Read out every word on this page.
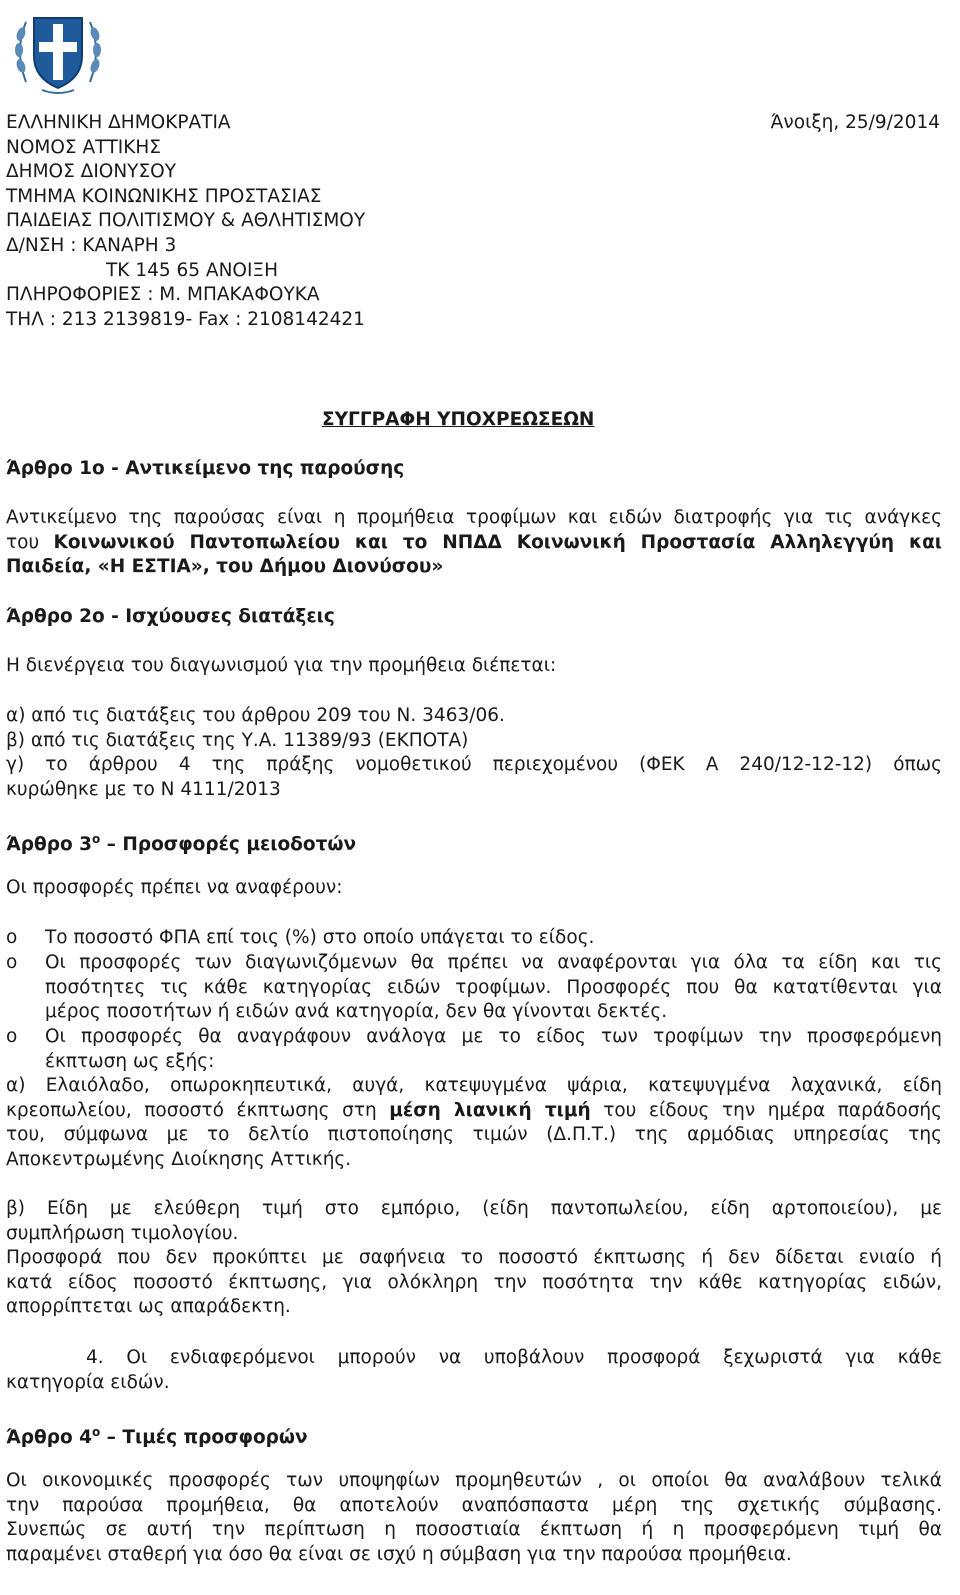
ΕΛΛΗΝΙΚΗ ΔΗΜΟΚΡΑΤΙΑ
ΝΟΜΟΣ ΑΤΤΙΚΗΣ
ΔΗΜΟΣ ΔΙΟΝΥΣΟΥ
ΤΜΗΜΑ ΚΟΙΝΩΝΙΚΗΣ ΠΡΟΣΤΑΣΙΑΣ
ΠΑΙΔΕΙΑΣ ΠΟΛΙΤΙΣΜΟΥ & ΑΘΛΗΤΙΣΜΟΥ
Δ/ΝΣΗ : ΚΑΝΑΡΗ 3
ΤΚ 145 65 ΑΝΟΙΞΗ
ΠΛΗΡΟΦΟΡΙΕΣ : Μ. ΜΠΑΚΑΦΟΥΚΑ
ΤΗΛ : 213 2139819- Fax : 2108142421
Άνοιξη, 25/9/2014
ΣΥΓΓΡΑΦΗ ΥΠΟΧΡΕΩΣΕΩΝ
Άρθρο 1ο - Αντικείμενο της παρούσης
Αντικείμενο της παρούσας είναι η προμήθεια τροφίμων και ειδών διατροφής για τις ανάγκες
του Κοινωνικού Παντοπωλείου και το ΝΠΔΔ Κοινωνική Προστασία Αλληλεγγύη και
Παιδεία, «Η ΕΣΤΙΑ», του Δήμου Διονύσου»
Άρθρο 2ο - Ισχύουσες διατάξεις
Η διενέργεια του διαγωνισμού για την προμήθεια διέπεται:
α) από τις διατάξεις του άρθρου 209 του Ν. 3463/06.
β) από τις διατάξεις της Υ.Α. 11389/93 (ΕΚΠΟΤΑ)
γ) το άρθρου 4 της πράξης νομοθετικού περιεχομένου (ΦΕΚ Α 240/12-12-12) όπως
κυρώθηκε με το Ν 4111/2013
Άρθρο $3^o$ – Προσφορές μειοδοτών
Οι προσφορές πρέπει να αναφέρουν:
o Το ποσοστό ΦΠΑ επί τοις (%) στο οποίο υπάγεται το είδος.
o Οι προσφορές των διαγωνιζόμενων θα πρέπει να αναφέρονται για όλα τα είδη και τις
ποσότητες τις κάθε κατηγορίας ειδών τροφίμων. Προσφορές που θα κατατίθενται για
μέρος ποσοτήτων ή ειδών ανά κατηγορία, δεν θα γίνονται δεκτές.
o Οι προσφορές θα αναγράφουν ανάλογα με το είδος των τροφίμων την προσφερόμενη
έκπτωση ως εξής:
α) Ελαιόλαδο, οπωροκηπευτικά, αυγά, κατεψυγμένα ψάρια, κατεψυγμένα λαχανικά, είδη
κρεοπωλείου, ποσοστό έκπτωσης στη μέση λιανική τιμή του είδους την ημέρα παράδοσής
του, σύμφωνα με το δελτίο πιστοποίησης τιμών (Δ.Π.Τ.) της αρμόδιας υπηρεσίας της
Αποκεντρωμένης Διοίκησης Αττικής.
β) Είδη με ελεύθερη τιμή στο εμπόριο, (είδη παντοπωλείου, είδη αρτοποιείου), με
συμπλήρωση τιμολογίου.
Προσφορά που δεν προκύπτει με σαφήνεια το ποσοστό έκπτωσης ή δεν δίδεται ενιαίο ή
κατά είδος ποσοστό έκπτωσης, για ολόκληρη την ποσότητα την κάθε κατηγορίας ειδών,
απορρίπτεται ως απαράδεκτη.
4. Οι ενδιαφερόμενοι μπορούν να υποβάλουν προσφορά ξεχωριστά για κάθε
κατηγορία ειδών.
Άρθρο $4^o$ – Τιμές προσφορών
Οι οικονομικές προσφορές των υποψηφίων προμηθευτών , οι οποίοι θα αναλάβουν τελικά
την παρούσα προμήθεια, θα αποτελούν αναπόσπαστα μέρη της σχετικής σύμβασης.
Συνεπώς σε αυτή την περίπτωση η ποσοστιαία έκπτωση ή η προσφερόμενη τιμή θα
παραμένει σταθερή για όσο θα είναι σε ισχύ η σύμβαση για την παρούσα προμήθεια.
